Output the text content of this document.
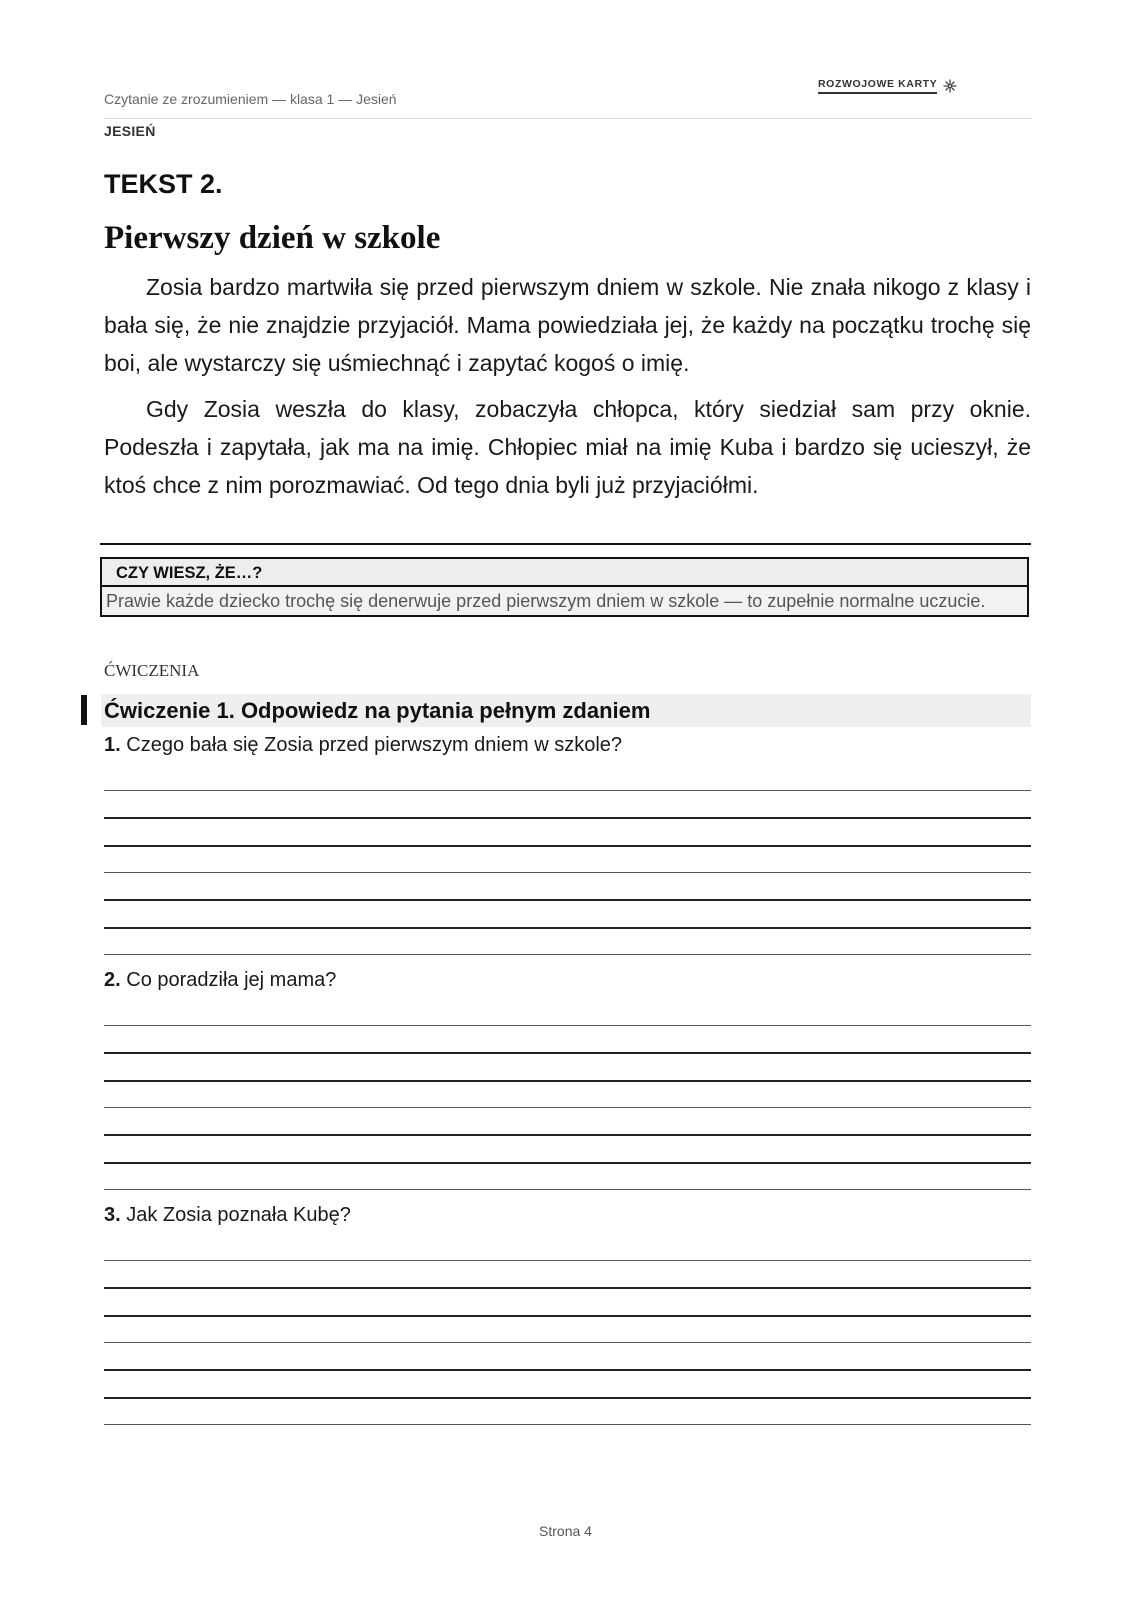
Czytanie ze zrozumieniem — klasa 1 — Jesień
ROZWOJOWE KARTY
JESIEŃ
TEKST 2.
Pierwszy dzień w szkole

Zosia bardzo martwiła się przed pierwszym dniem w szkole. Nie znała nikogo z klasy i bała się, że nie znajdzie przyjaciół. Mama powiedziała jej, że każdy na początku trochę się boi, ale wystarczy się uśmiechnąć i zapytać kogoś o imię.

Gdy Zosia weszła do klasy, zobaczyła chłopca, który siedział sam przy oknie. Podeszła i zapytała, jak ma na imię. Chłopiec miał na imię Kuba i bardzo się ucieszył, że ktoś chce z nim porozmawiać. Od tego dnia byli już przyjaciółmi.

CZY WIESZ, ŻE…?
Prawie każde dziecko trochę się denerwuje przed pierwszym dniem w szkole — to zupełnie normalne uczucie.
ĆWICZENIA
Ćwiczenie 1. Odpowiedz na pytania pełnym zdaniem
1. Czego bała się Zosia przed pierwszym dniem w szkole?
2. Co poradziła jej mama?
3. Jak Zosia poznała Kubę?
Strona 4
